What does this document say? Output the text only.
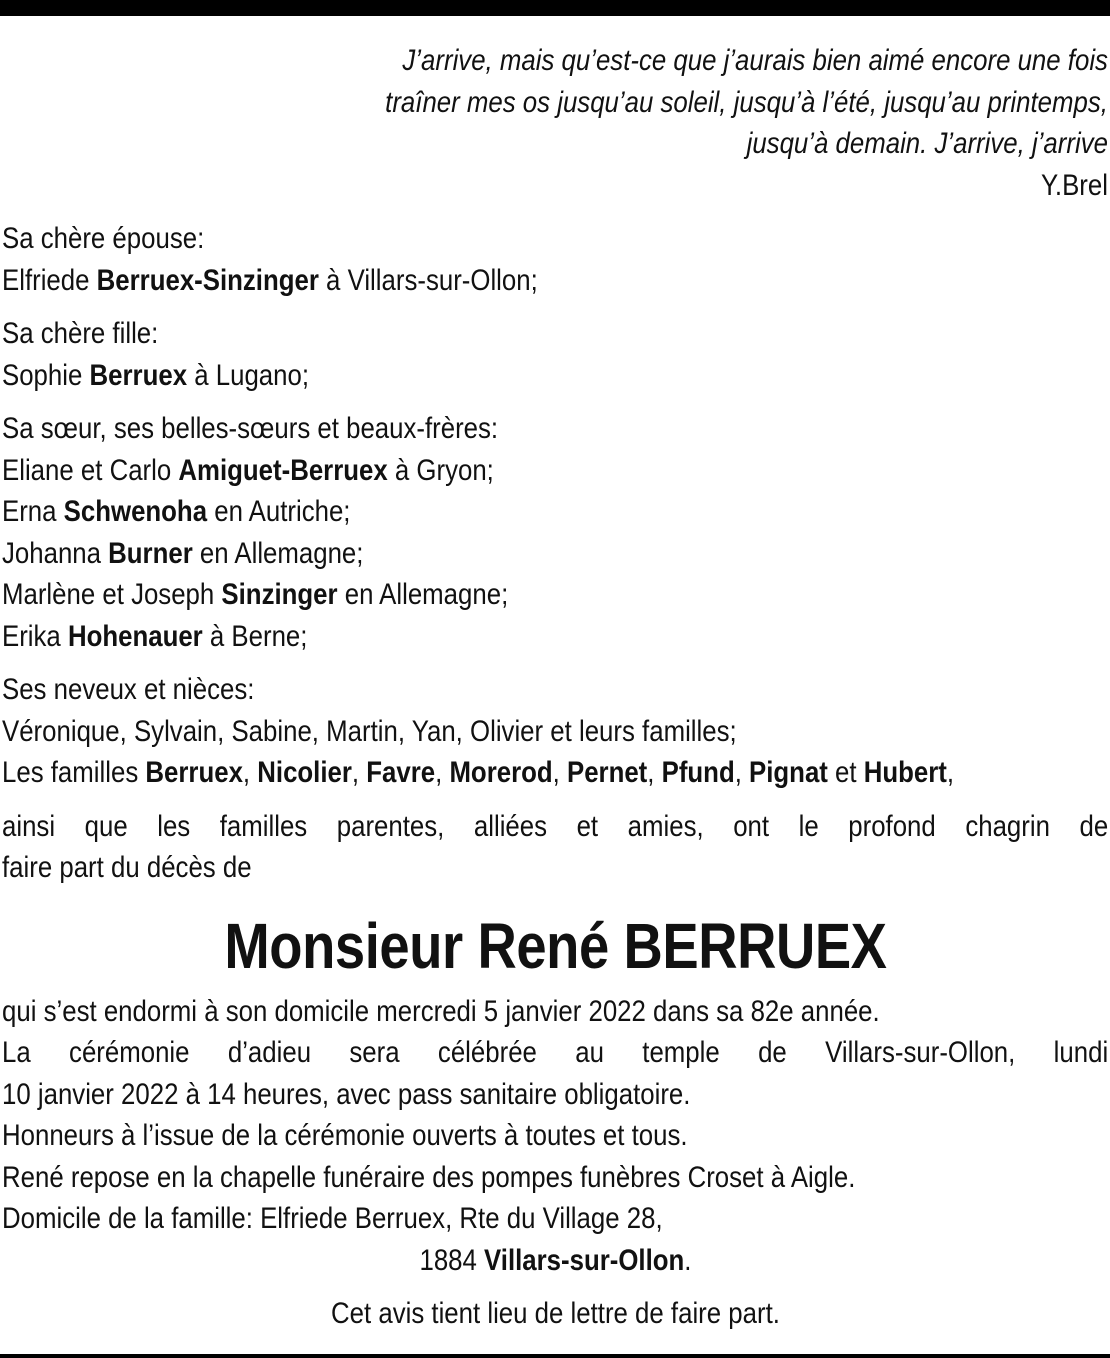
J’arrive, mais qu’est-ce que j’aurais bien aimé encore une fois
traîner mes os jusqu’au soleil, jusqu’à l’été, jusqu’au printemps,
jusqu’à demain. J’arrive, j’arrive
Y.Brel
Sa chère épouse:
Elfriede Berruex-Sinzinger à Villars-sur-Ollon;
Sa chère fille:
Sophie Berruex à Lugano;
Sa sœur, ses belles-sœurs et beaux-frères:
Eliane et Carlo Amiguet-Berruex à Gryon;
Erna Schwenoha en Autriche;
Johanna Burner en Allemagne;
Marlène et Joseph Sinzinger en Allemagne;
Erika Hohenauer à Berne;
Ses neveux et nièces:
Véronique, Sylvain, Sabine, Martin, Yan, Olivier et leurs familles;
Les familles Berruex, Nicolier, Favre, Morerod, Pernet, Pfund, Pignat et Hubert,
ainsi que les familles parentes, alliées et amies, ont le profond chagrin de
faire part du décès de
Monsieur René BERRUEX
qui s’est endormi à son domicile mercredi 5 janvier 2022 dans sa 82e année.
La cérémonie d’adieu sera célébrée au temple de Villars-sur-Ollon, lundi
10 janvier 2022 à 14 heures, avec pass sanitaire obligatoire.
Honneurs à l’issue de la cérémonie ouverts à toutes et tous.
René repose en la chapelle funéraire des pompes funèbres Croset à Aigle.
Domicile de la famille: Elfriede Berruex, Rte du Village 28,
1884 Villars-sur-Ollon.
Cet avis tient lieu de lettre de faire part.
